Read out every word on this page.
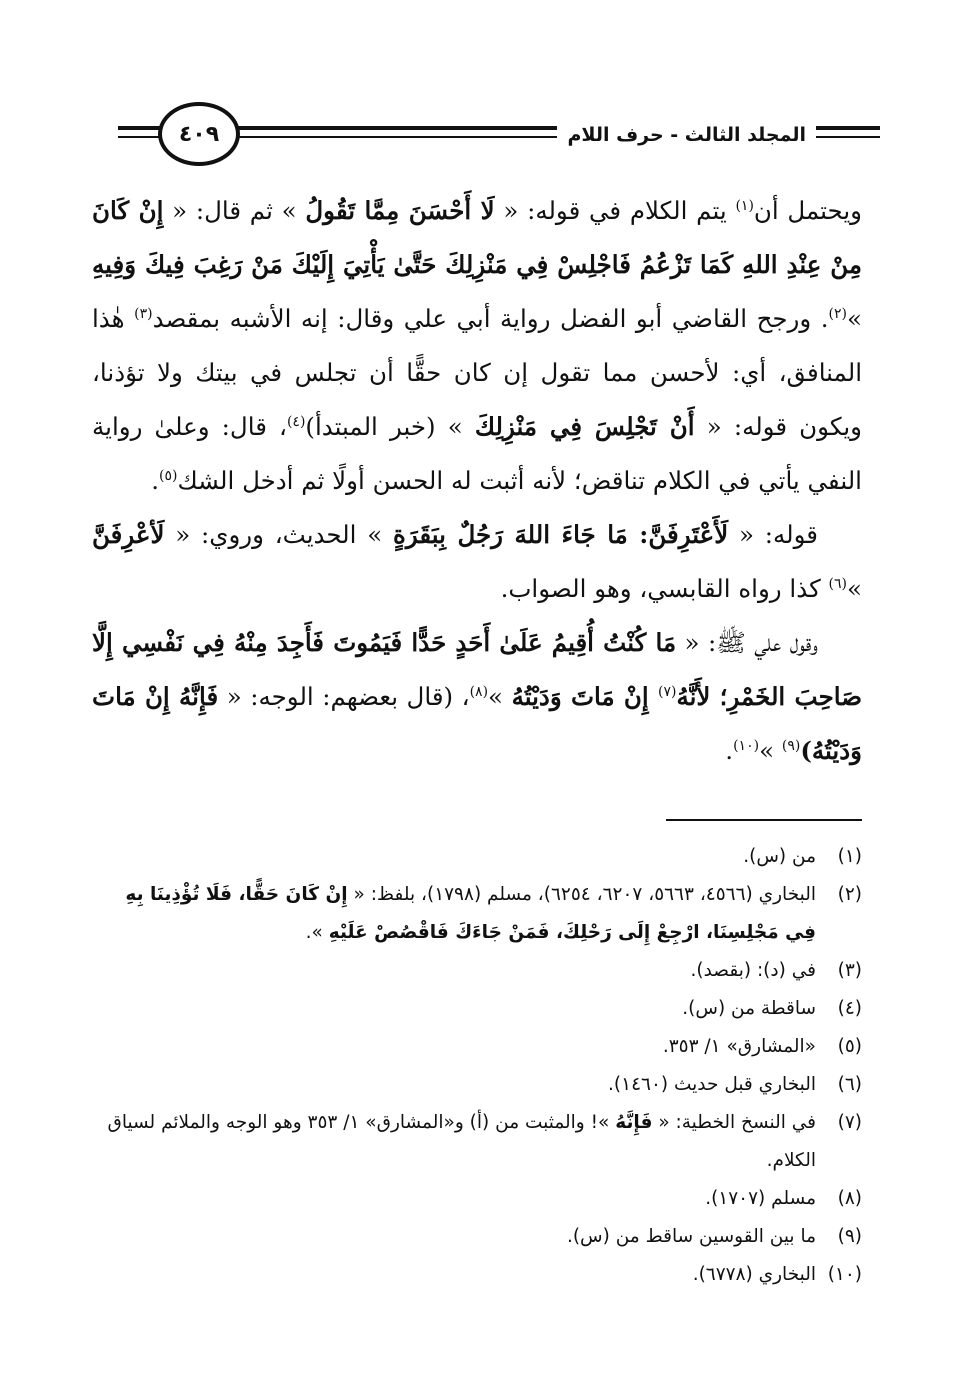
المجلد الثالث - حرف اللام
٤٠٩

ويحتمل أن$^{(١)}$ يتم الكلام في قوله: « لَا أَحْسَنَ مِمَّا تَقُولُ » ثم قال: « إِنْ كَانَ مِنْ عِنْدِ اللهِ كَمَا تَزْعُمُ فَاجْلِسْ فِي مَنْزِلِكَ حَتَّىٰ يَأْتِيَ إِلَيْكَ مَنْ رَغِبَ فِيكَ وَفِيهِ »$^{(٢)}$. ورجح القاضي أبو الفضل رواية أبي علي وقال: إنه الأشبه بمقصد$^{(٣)}$ هٰذا المنافق، أي: لأحسن مما تقول إن كان حقًّا أن تجلس في بيتك ولا تؤذنا، ويكون قوله: « أَنْ تَجْلِسَ فِي مَنْزِلِكَ » (خبر المبتدأ)$^{(٤)}$، قال: وعلىٰ رواية النفي يأتي في الكلام تناقض؛ لأنه أثبت له الحسن أولًا ثم أدخل الشك$^{(٥)}$.

قوله: « لَأَعْتَرِفَنَّ: مَا جَاءَ اللهَ رَجُلٌ بِبَقَرَةٍ » الحديث، وروي: « لَأعْرِفَنَّ »$^{(٦)}$ كذا رواه القابسي، وهو الصواب.

وقول علي ﷺ: « مَا كُنْتُ أُقِيمُ عَلَىٰ أَحَدٍ حَدًّا فَيَمُوتَ فَأَجِدَ مِنْهُ فِي نَفْسِي إِلَّا صَاحِبَ الخَمْرِ؛ لأَنَّهُ$^{(٧)}$ إِنْ مَاتَ وَدَيْتُهُ »$^{(٨)}$، (قال بعضهم: الوجه: « فَإِنَّهُ إِنْ مَاتَ وَدَيْتُهُ)$^{(٩)}$ »$^{(١٠)}$.

(١)
من (س).
(٢)
البخاري (٤٥٦٦، ٥٦٦٣، ٦٢٠٧، ٦٢٥٤)، مسلم (١٧٩٨)، بلفظ: « إِنْ كَانَ حَقًّا، فَلَا تُؤْذِينَا بِهِ فِي مَجْلِسِنَا، ارْجِعْ إِلَى رَحْلِكَ، فَمَنْ جَاءَكَ فَاقْصُصْ عَلَيْهِ ».
(٣)
في (د): (بقصد).
(٤)
ساقطة من (س).
(٥)
«المشارق» ١/ ٣٥٣.
(٦)
البخاري قبل حديث (١٤٦٠).
(٧)
في النسخ الخطية: « فَإِنَّهُ »! والمثبت من (أ) و«المشارق» ١/ ٣٥٣ وهو الوجه والملائم لسياق الكلام.
(٨)
مسلم (١٧٠٧).
(٩)
ما بين القوسين ساقط من (س).
(١٠)
البخاري (٦٧٧٨).
